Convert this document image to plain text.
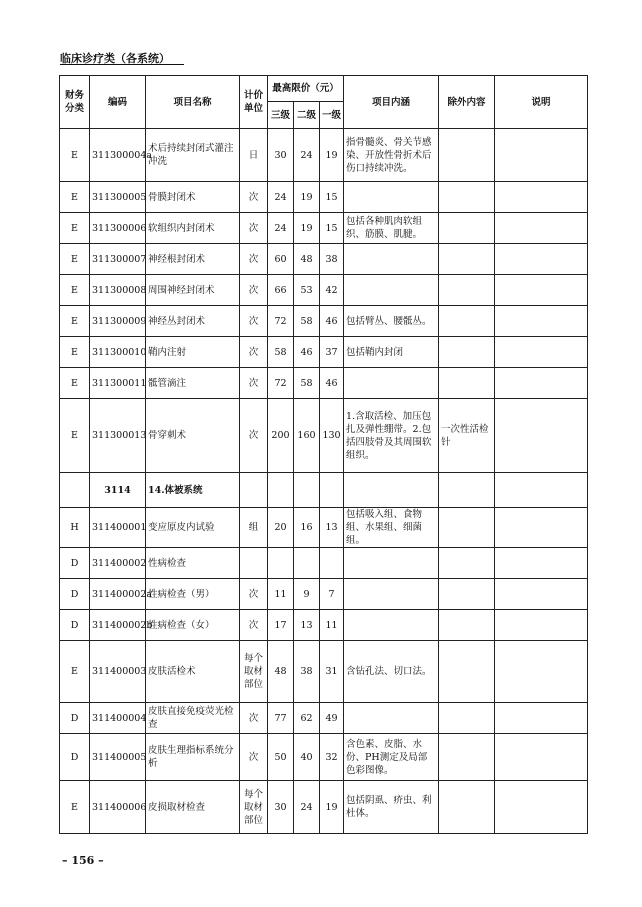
临床诊疗类（各系统）
财务分类	编码	项目名称	计价单位	最高限价（元）			项目内涵	除外内容	说明
				三级	二级	一级			
E	311300004a	术后持续封闭式灌注冲洗	日	30	24	19	指骨髓炎、骨关节感染、开放性骨折术后伤口持续冲洗。		
E	311300005	骨膜封闭术	次	24	19	15			
E	311300006	软组织内封闭术	次	24	19	15	包括各种肌肉软组织、筋膜、肌腱。		
E	311300007	神经根封闭术	次	60	48	38			
E	311300008	周围神经封闭术	次	66	53	42			
E	311300009	神经丛封闭术	次	72	58	46	包括臂丛、腰骶丛。		
E	311300010	鞘内注射	次	58	46	37	包括鞘内封闭		
E	311300011	骶管滴注	次	72	58	46			
E	311300013	骨穿刺术	次	200	160	130	1.含取活检、加压包扎及弹性绷带。2.包括四肢骨及其周围软组织。	一次性活检针	
	3114	14.体被系统							
H	311400001	变应原皮内试验	组	20	16	13	包括吸入组、食物组、水果组、细菌组。		
D	311400002	性病检查							
D	311400002a	性病检查（男）	次	11	9	7			
D	311400002b	性病检查（女）	次	17	13	11			
E	311400003	皮肤活检术	每个取材部位	48	38	31	含钻孔法、切口法。		
D	311400004	皮肤直接免疫荧光检查	次	77	62	49			
D	311400005	皮肤生理指标系统分析	次	50	40	32	含色素、皮脂、水份、PH测定及局部色彩图像。		
E	311400006	皮损取材检查	每个取材部位	30	24	19	包括阴虱、疥虫、利杜体。		
– 156 –
